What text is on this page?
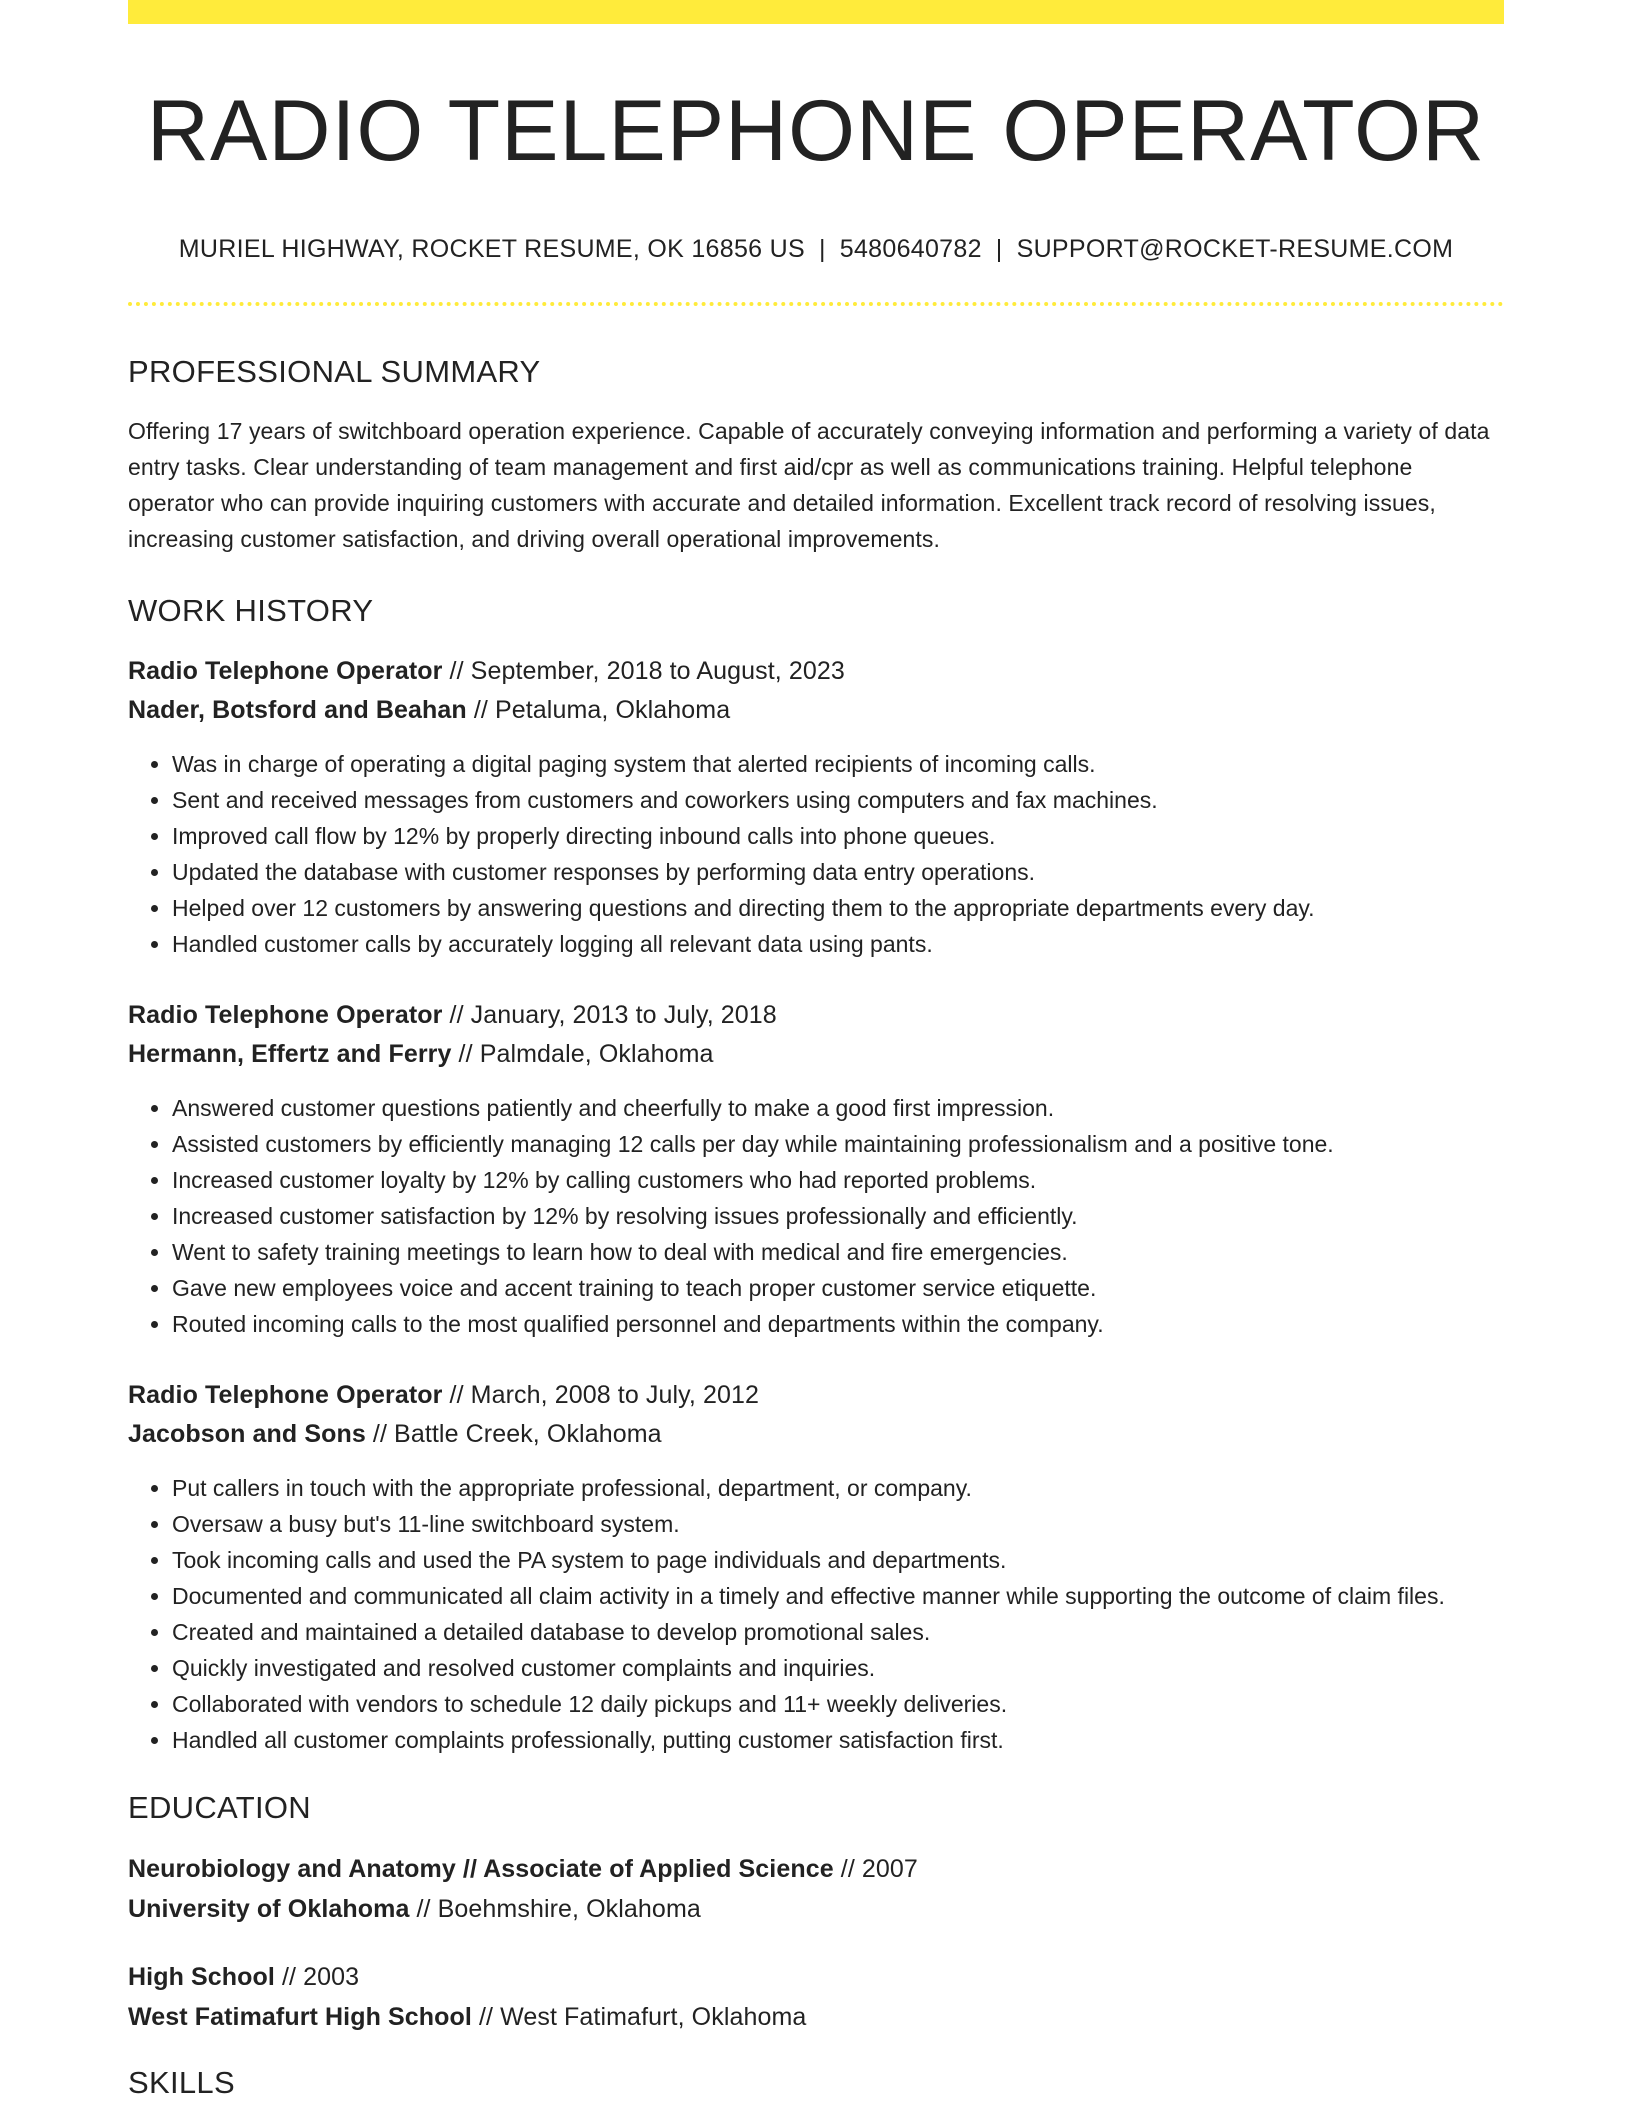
RADIO TELEPHONE OPERATOR
MURIEL HIGHWAY, ROCKET RESUME, OK 16856 US | 5480640782 | SUPPORT@ROCKET-RESUME.COM
PROFESSIONAL SUMMARY

Offering 17 years of switchboard operation experience. Capable of accurately conveying information and performing a variety of data entry tasks. Clear understanding of team management and first aid/cpr as well as communications training. Helpful telephone operator who can provide inquiring customers with accurate and detailed information. Excellent track record of resolving issues, increasing customer satisfaction, and driving overall operational improvements.

WORK HISTORY
Radio Telephone Operator // September, 2018 to August, 2023
Nader, Botsford and Beahan // Petaluma, Oklahoma
• Was in charge of operating a digital paging system that alerted recipients of incoming calls.
• Sent and received messages from customers and coworkers using computers and fax machines.
• Improved call flow by 12% by properly directing inbound calls into phone queues.
• Updated the database with customer responses by performing data entry operations.
• Helped over 12 customers by answering questions and directing them to the appropriate departments every day.
• Handled customer calls by accurately logging all relevant data using pants.
Radio Telephone Operator // January, 2013 to July, 2018
Hermann, Effertz and Ferry // Palmdale, Oklahoma
• Answered customer questions patiently and cheerfully to make a good first impression.
• Assisted customers by efficiently managing 12 calls per day while maintaining professionalism and a positive tone.
• Increased customer loyalty by 12% by calling customers who had reported problems.
• Increased customer satisfaction by 12% by resolving issues professionally and efficiently.
• Went to safety training meetings to learn how to deal with medical and fire emergencies.
• Gave new employees voice and accent training to teach proper customer service etiquette.
• Routed incoming calls to the most qualified personnel and departments within the company.
Radio Telephone Operator // March, 2008 to July, 2012
Jacobson and Sons // Battle Creek, Oklahoma
• Put callers in touch with the appropriate professional, department, or company.
• Oversaw a busy but's 11-line switchboard system.
• Took incoming calls and used the PA system to page individuals and departments.
• Documented and communicated all claim activity in a timely and effective manner while supporting the outcome of claim files.
• Created and maintained a detailed database to develop promotional sales.
• Quickly investigated and resolved customer complaints and inquiries.
• Collaborated with vendors to schedule 12 daily pickups and 11+ weekly deliveries.
• Handled all customer complaints professionally, putting customer satisfaction first.
EDUCATION
Neurobiology and Anatomy // Associate of Applied Science // 2007
University of Oklahoma // Boehmshire, Oklahoma
High School // 2003
West Fatimafurt High School // West Fatimafurt, Oklahoma
SKILLS
